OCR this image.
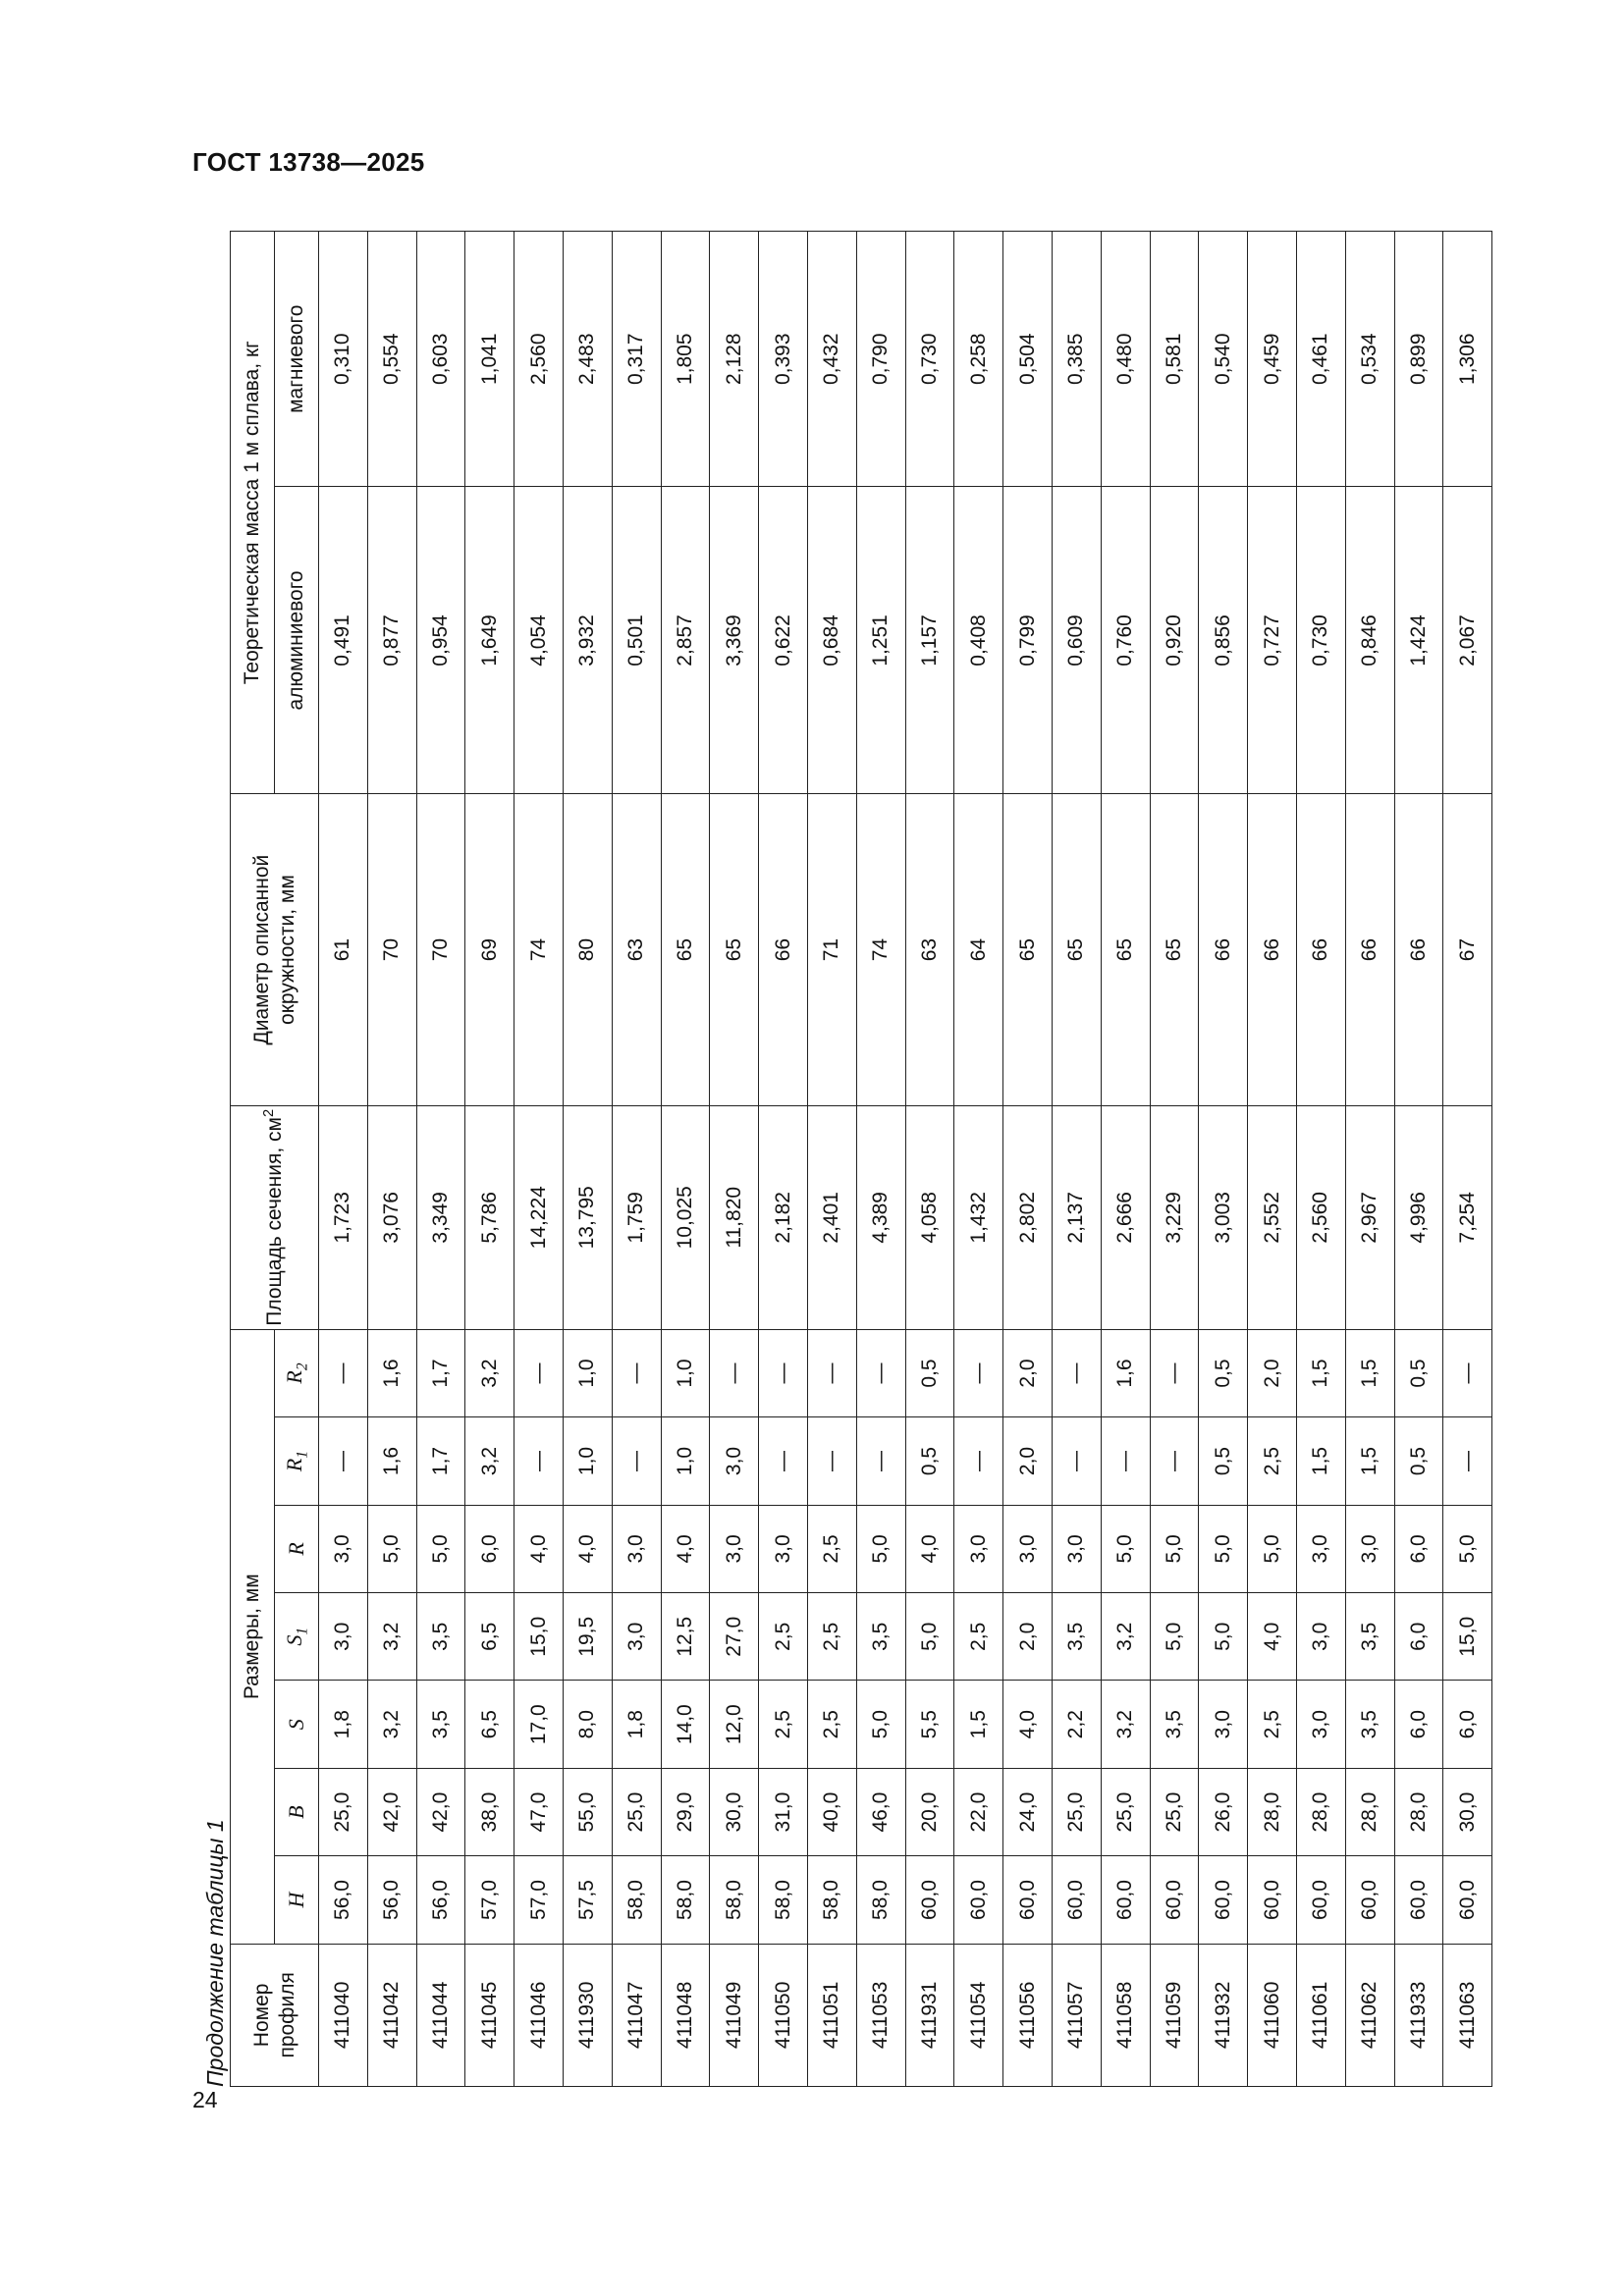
ГОСТ 13738—2025
24
Продолжение таблицы 1 Номер профиля	Размеры, мм							Площадь сечения, $см^2$	Диаметр описанной окружности, мм	Теоретическая масса 1 м сплава, кг	
	H	B	S	$S_1$	R	$R_1$	$R_2$			алюминиевого	магниевого
411040	56,0	25,0	1,8	3,0	3,0	—	—	1,723	61	0,491	0,310
411042	56,0	42,0	3,2	3,2	5,0	1,6	1,6	3,076	70	0,877	0,554
411044	56,0	42,0	3,5	3,5	5,0	1,7	1,7	3,349	70	0,954	0,603
411045	57,0	38,0	6,5	6,5	6,0	3,2	3,2	5,786	69	1,649	1,041
411046	57,0	47,0	17,0	15,0	4,0	—	—	14,224	74	4,054	2,560
411930	57,5	55,0	8,0	19,5	4,0	1,0	1,0	13,795	80	3,932	2,483
411047	58,0	25,0	1,8	3,0	3,0	—	—	1,759	63	0,501	0,317
411048	58,0	29,0	14,0	12,5	4,0	1,0	1,0	10,025	65	2,857	1,805
411049	58,0	30,0	12,0	27,0	3,0	3,0	—	11,820	65	3,369	2,128
411050	58,0	31,0	2,5	2,5	3,0	—	—	2,182	66	0,622	0,393
411051	58,0	40,0	2,5	2,5	2,5	—	—	2,401	71	0,684	0,432
411053	58,0	46,0	5,0	3,5	5,0	—	—	4,389	74	1,251	0,790
411931	60,0	20,0	5,5	5,0	4,0	0,5	0,5	4,058	63	1,157	0,730
411054	60,0	22,0	1,5	2,5	3,0	—	—	1,432	64	0,408	0,258
411056	60,0	24,0	4,0	2,0	3,0	2,0	2,0	2,802	65	0,799	0,504
411057	60,0	25,0	2,2	3,5	3,0	—	—	2,137	65	0,609	0,385
411058	60,0	25,0	3,2	3,2	5,0	—	1,6	2,666	65	0,760	0,480
411059	60,0	25,0	3,5	5,0	5,0	—	—	3,229	65	0,920	0,581
411932	60,0	26,0	3,0	5,0	5,0	0,5	0,5	3,003	66	0,856	0,540
411060	60,0	28,0	2,5	4,0	5,0	2,5	2,0	2,552	66	0,727	0,459
411061	60,0	28,0	3,0	3,0	3,0	1,5	1,5	2,560	66	0,730	0,461
411062	60,0	28,0	3,5	3,5	3,0	1,5	1,5	2,967	66	0,846	0,534
411933	60,0	28,0	6,0	6,0	6,0	0,5	0,5	4,996	66	1,424	0,899
411063	60,0	30,0	6,0	15,0	5,0	—	—	7,254	67	2,067	1,306
